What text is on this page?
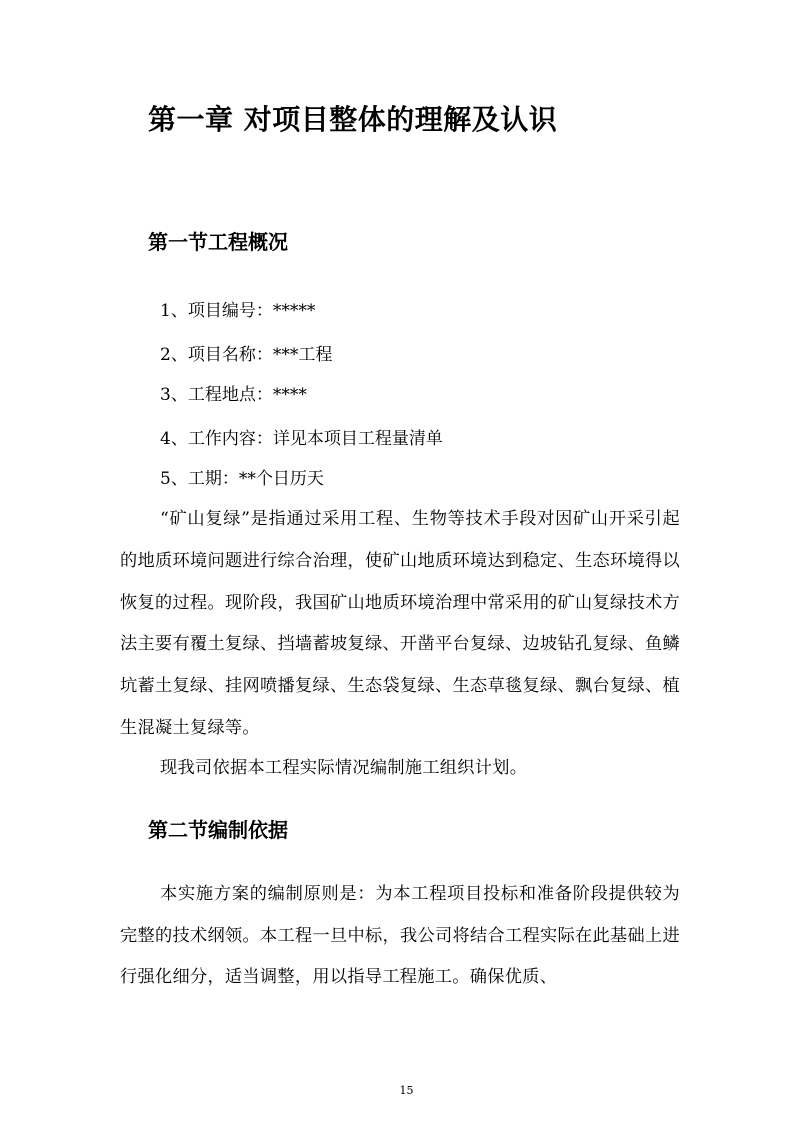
第一章 对项目整体的理解及认识
第一节工程概况
1、项目编号：*****
2、项目名称：***工程
3、工程地点：****
4、工作内容：详见本项目工程量清单
5、工期：**个日历天
“矿山复绿”是指通过采用工程、生物等技术手段对因矿山开采引起的地质环境问题进行综合治理，使矿山地质环境达到稳定、生态环境得以恢复的过程。现阶段，我国矿山地质环境治理中常采用的矿山复绿技术方法主要有覆土复绿、挡墙蓄坡复绿、开凿平台复绿、边坡钻孔复绿、鱼鳞坑蓄土复绿、挂网喷播复绿、生态袋复绿、生态草毯复绿、飘台复绿、植生混凝土复绿等。
现我司依据本工程实际情况编制施工组织计划。
第二节编制依据
本实施方案的编制原则是：为本工程项目投标和准备阶段提供较为完整的技术纲领。本工程一旦中标，我公司将结合工程实际在此基础上进行强化细分，适当调整，用以指导工程施工。确保优质、
15
